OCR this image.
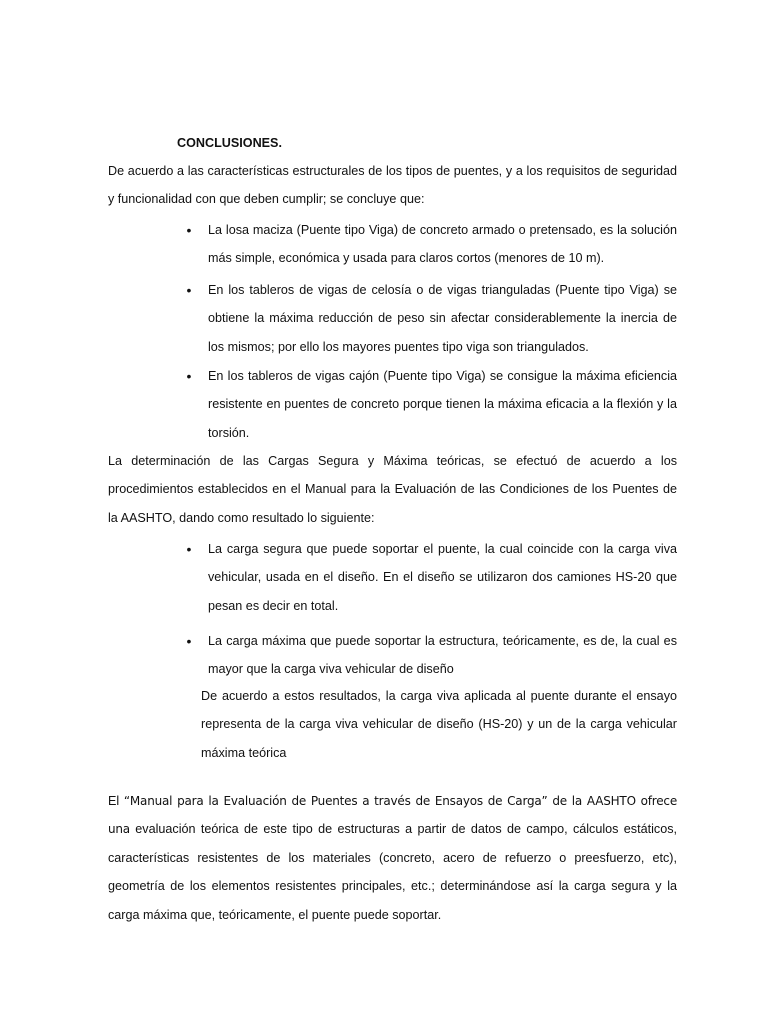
CONCLUSIONES.

De acuerdo a las características estructurales de los tipos de puentes, y a los requisitos de seguridad y funcionalidad con que deben cumplir; se concluye que:

• La losa maciza (Puente tipo Viga) de concreto armado o pretensado, es la solución más simple, económica y usada para claros cortos (menores de 10 m).

• En los tableros de vigas de celosía o de vigas trianguladas (Puente tipo Viga) se obtiene la máxima reducción de peso sin afectar considerablemente la inercia de los mismos; por ello los mayores puentes tipo viga son triangulados.

• En los tableros de vigas cajón (Puente tipo Viga) se consigue la máxima eficiencia resistente en puentes de concreto porque tienen la máxima eficacia a la flexión y la torsión.

La determinación de las Cargas Segura y Máxima teóricas, se efectuó de acuerdo a los procedimientos establecidos en el Manual para la Evaluación de las Condiciones de los Puentes de la AASHTO, dando como resultado lo siguiente:

• La carga segura que puede soportar el puente, la cual coincide con la carga viva vehicular, usada en el diseño. En el diseño se utilizaron dos camiones HS-20 que pesan es decir en total.

• La carga máxima que puede soportar la estructura, teóricamente, es de, la cual es mayor que la carga viva vehicular de diseño

De acuerdo a estos resultados, la carga viva aplicada al puente durante el ensayo representa de la carga viva vehicular de diseño (HS-20) y un de la carga vehicular máxima teórica

El “Manual para la Evaluación de Puentes a través de Ensayos de Carga” de la AASHTO ofrece una evaluación teórica de este tipo de estructuras a partir de datos de campo, cálculos estáticos, características resistentes de los materiales (concreto, acero de refuerzo o preesfuerzo, etc), geometría de los elementos resistentes principales, etc.; determinándose así la carga segura y la carga máxima que, teóricamente, el puente puede soportar.
